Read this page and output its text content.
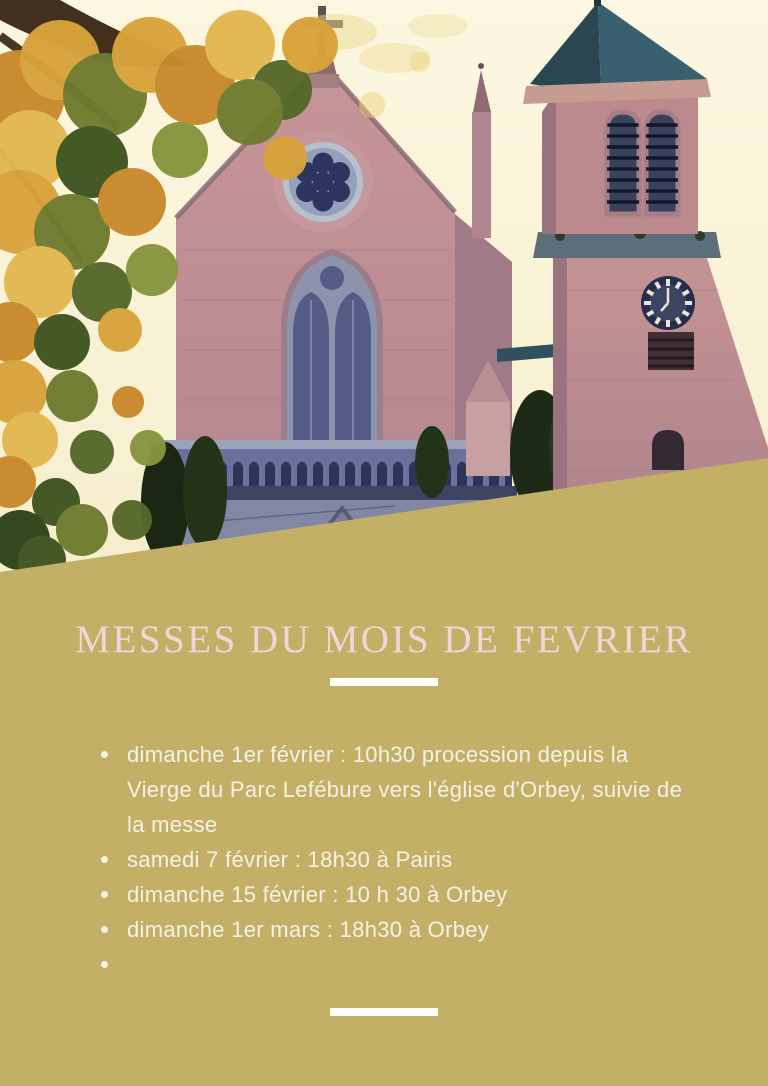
MESSES DU MOIS DE FEVRIER
dimanche 1er février : 10h30 procession depuis la Vierge du Parc Lefébure vers l'église d'Orbey, suivie de la messe
samedi 7 février : 18h30 à Pairis
dimanche 15 février : 10 h 30 à Orbey
dimanche 1er mars : 18h30 à Orbey
